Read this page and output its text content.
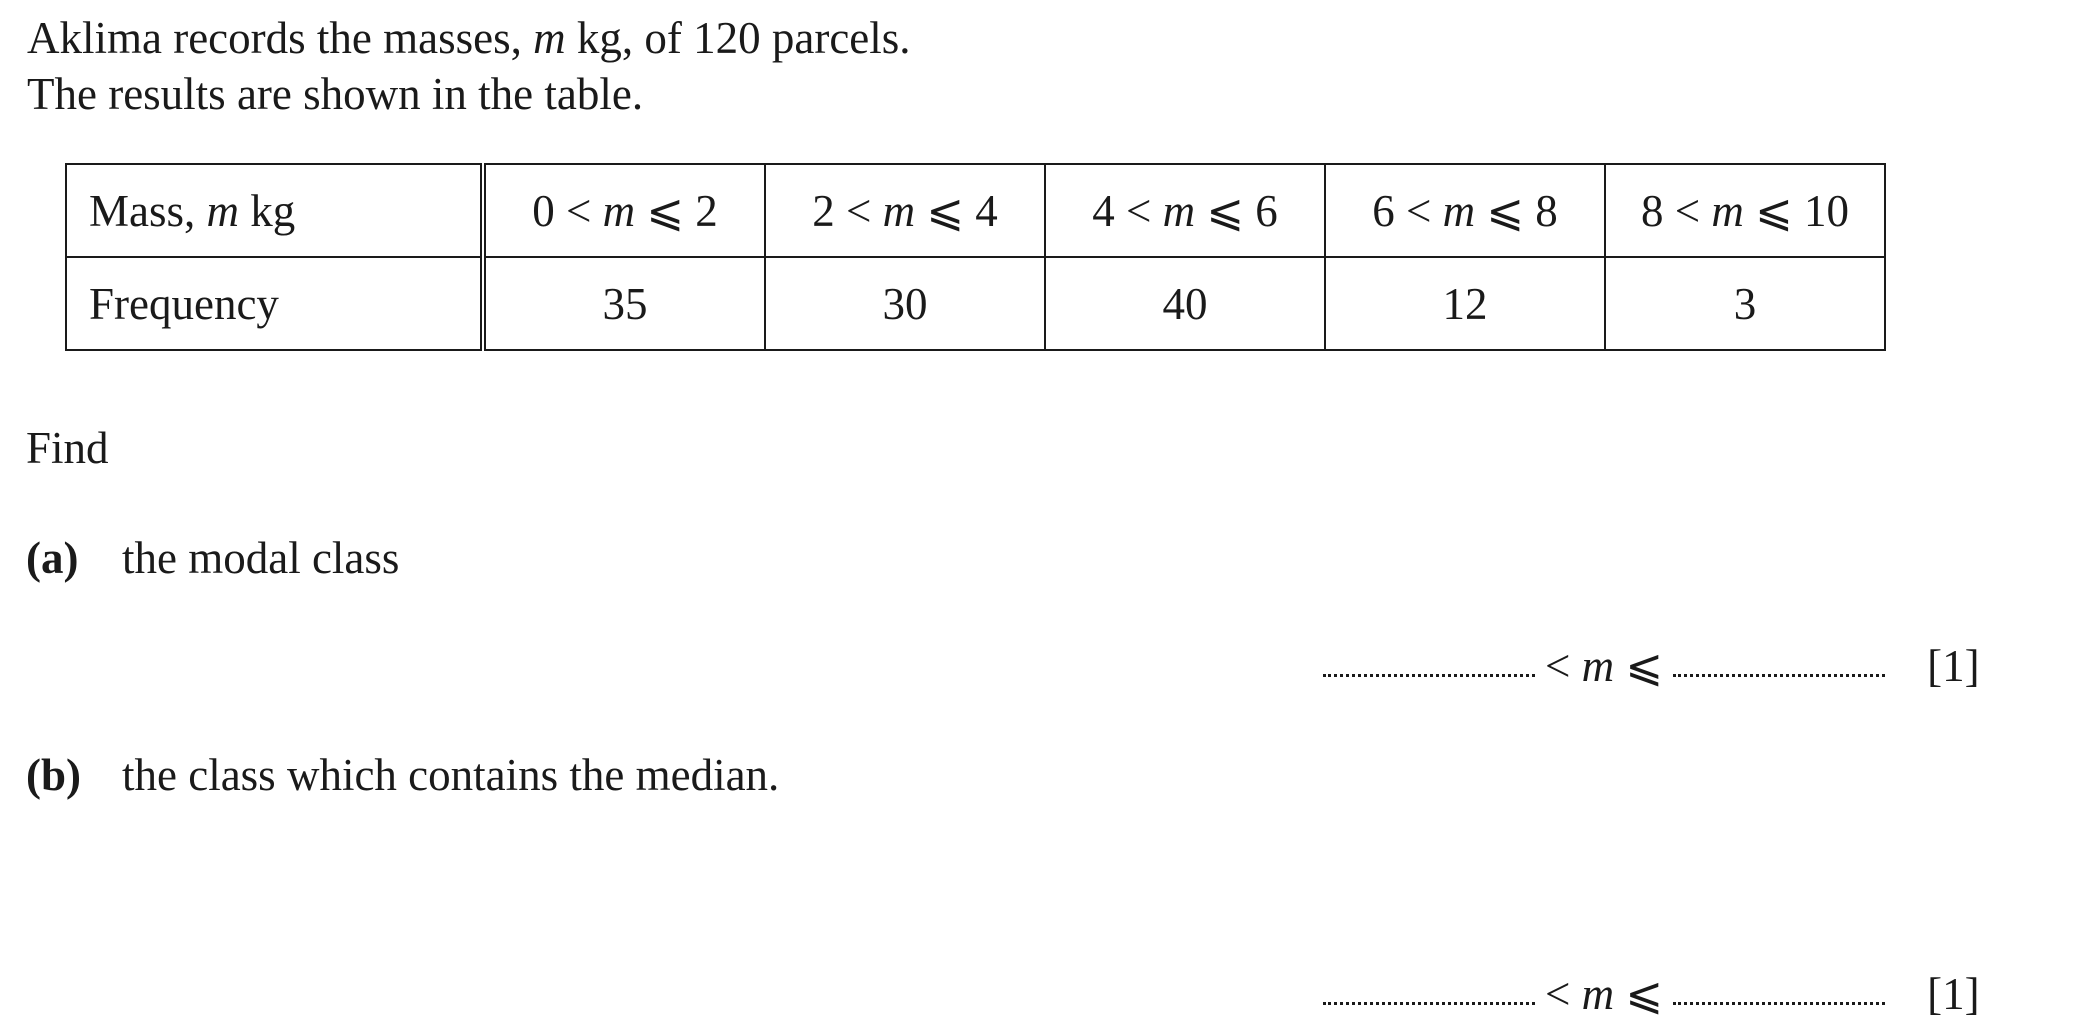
Aklima records the masses, m kg, of 120 parcels.

The results are shown in the table.

Mass, m kg	0 < m ⩽ 2	2 < m ⩽ 4	4 < m ⩽ 6	6 < m ⩽ 8	8 < m ⩽ 10
Frequency	35	30	40	12	3
Find
(a) the modal class
< m ⩽	[1]
(b) the class which contains the median.
< m ⩽	[1]
